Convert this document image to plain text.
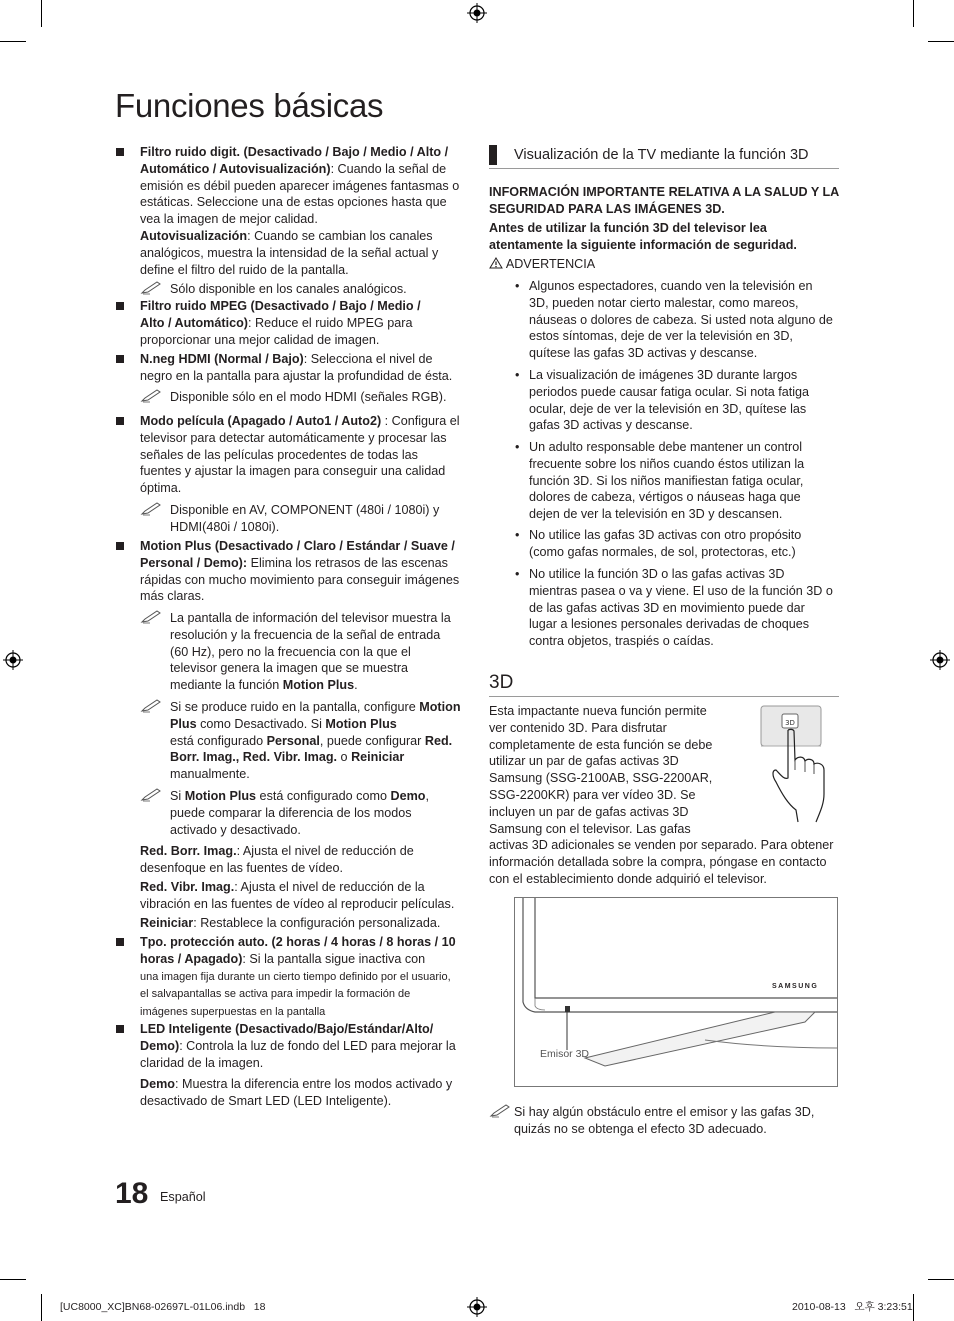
Funciones básicas
Filtro ruido digit. (Desactivado / Bajo / Medio / Alto / Automático / Autovisualización): Cuando la señal de emisión es débil pueden aparecer imágenes fantasmas o estáticas. Seleccione una de estas opciones hasta que vea la imagen de mejor calidad.
Autovisualización: Cuando se cambian los canales analógicos, muestra la intensidad de la señal actual y define el filtro del ruido de la pantalla.
Sólo disponible en los canales analógicos.
Filtro ruido MPEG (Desactivado / Bajo / Medio / Alto / Automático): Reduce el ruido MPEG para proporcionar una mejor calidad de imagen.
N.neg HDMI (Normal / Bajo): Selecciona el nivel de negro en la pantalla para ajustar la profundidad de ésta.
Disponible sólo en el modo HDMI (señales RGB).
Modo película (Apagado / Auto1 / Auto2) : Configura el televisor para detectar automáticamente y procesar las señales de las películas procedentes de todas las fuentes y ajustar la imagen para conseguir una calidad óptima.
Disponible en AV, COMPONENT (480i / 1080i) y HDMI(480i / 1080i).
Motion Plus (Desactivado / Claro / Estándar / Suave / Personal / Demo): Elimina los retrasos de las escenas rápidas con mucho movimiento para conseguir imágenes más claras.
La pantalla de información del televisor muestra la resolución y la frecuencia de la señal de entrada (60 Hz), pero no la frecuencia con la que el televisor genera la imagen que se muestra mediante la función Motion Plus.
Si se produce ruido en la pantalla, configure Motion Plus como Desactivado. Si Motion Plus
está configurado Personal, puede configurar Red. Borr. Imag., Red. Vibr. Imag. o Reiniciar
manualmente.
Si Motion Plus está configurado como Demo, puede comparar la diferencia de los modos activado y desactivado.
Red. Borr. Imag.: Ajusta el nivel de reducción de desenfoque en las fuentes de vídeo.
Red. Vibr. Imag.: Ajusta el nivel de reducción de la vibración en las fuentes de vídeo al reproducir películas.
Reiniciar: Restablece la configuración personalizada.
Tpo. protección auto. (2 horas / 4 horas / 8 horas / 10 horas / Apagado): Si la pantalla sigue inactiva con
una imagen fija durante un cierto tiempo definido por el usuario, el salvapantallas se activa para impedir la formación de imágenes superpuestas en la pantalla
LED Inteligente (Desactivado/Bajo/Estándar/Alto/ Demo): Controla la luz de fondo del LED para mejorar la claridad de la imagen.
Demo: Muestra la diferencia entre los modos activado y desactivado de Smart LED (LED Inteligente).
Visualización de la TV mediante la función 3D
INFORMACIÓN IMPORTANTE RELATIVA A LA SALUD Y LA SEGURIDAD PARA LAS IMÁGENES 3D.
Antes de utilizar la función 3D del televisor lea atentamente la siguiente información de seguridad.
ADVERTENCIA
• Algunos espectadores, cuando ven la televisión en 3D, pueden notar cierto malestar, como mareos, náuseas o dolores de cabeza. Si usted nota alguno de estos síntomas, deje de ver la televisión en 3D, quítese las gafas 3D activas y descanse.
• La visualización de imágenes 3D durante largos periodos puede causar fatiga ocular. Si nota fatiga ocular, deje de ver la televisión en 3D, quítese las gafas 3D activas y descanse.
• Un adulto responsable debe mantener un control frecuente sobre los niños cuando éstos utilizan la función 3D. Si los niños manifiestan fatiga ocular, dolores de cabeza, vértigos o náuseas haga que dejen de ver la televisión en 3D y descansen.
• No utilice las gafas 3D activas con otro propósito (como gafas normales, de sol, protectoras, etc.)
• No utilice la función 3D o las gafas activas 3D mientras pasea o va y viene. El uso de la función 3D o de las gafas activas 3D en movimiento puede dar lugar a lesiones personales derivadas de choques contra objetos, traspiés o caídas.
3D
Esta impactante nueva función permite ver contenido 3D. Para disfrutar completamente de esta función se debe utilizar un par de gafas activas 3D Samsung (SSG-2100AB, SSG-2200AR, SSG-2200KR) para ver vídeo 3D. Se incluyen un par de gafas activas 3D Samsung con el televisor. Las gafas
activas 3D adicionales se venden por separado. Para obtener información detallada sobre la compra, póngase en contacto con el establecimiento donde adquirió el televisor.
3D
SAMSUNG
Emisor 3D
Si hay algún obstáculo entre el emisor y las gafas 3D, quizás no se obtenga el efecto 3D adecuado.
18 Español
[UC8000_XC]BN68-02697L-01L06.indb   18	2010-08-13   오후 3:23:51
